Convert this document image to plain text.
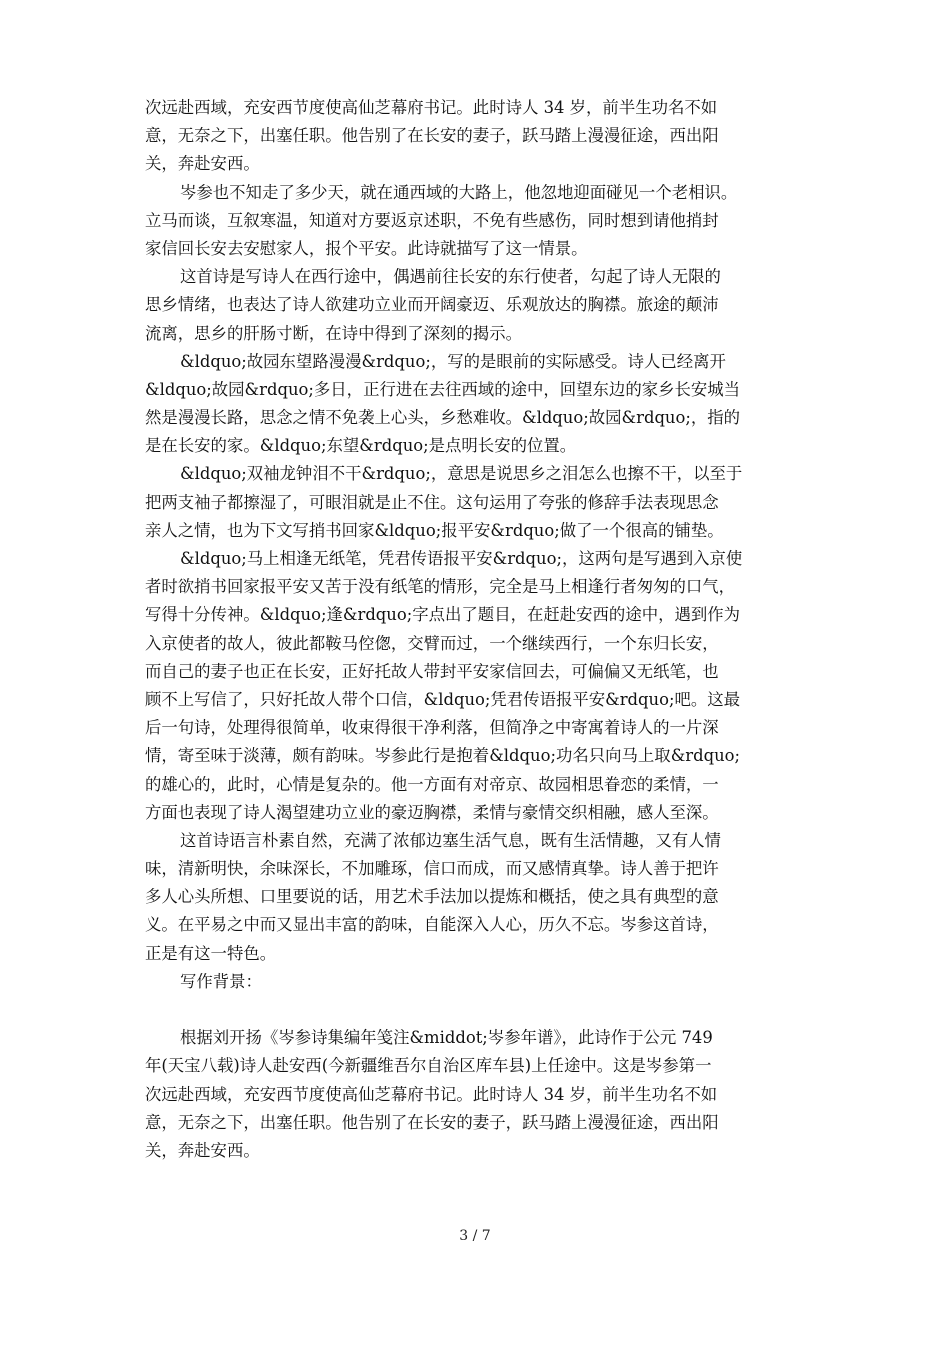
次远赴西域，充安西节度使高仙芝幕府书记。此时诗人 34 岁，前半生功名不如
意，无奈之下，出塞任职。他告别了在长安的妻子，跃马踏上漫漫征途，西出阳
关，奔赴安西。
岑参也不知走了多少天，就在通西域的大路上，他忽地迎面碰见一个老相识。
立马而谈，互叙寒温，知道对方要返京述职，不免有些感伤，同时想到请他捎封
家信回长安去安慰家人，报个平安。此诗就描写了这一情景。
这首诗是写诗人在西行途中，偶遇前往长安的东行使者，勾起了诗人无限的
思乡情绪，也表达了诗人欲建功立业而开阔豪迈、乐观放达的胸襟。旅途的颠沛
流离，思乡的肝肠寸断，在诗中得到了深刻的揭示。
&ldquo;故园东望路漫漫&rdquo;，写的是眼前的实际感受。诗人已经离开
&ldquo;故园&rdquo;多日，正行进在去往西域的途中，回望东边的家乡长安城当
然是漫漫长路，思念之情不免袭上心头，乡愁难收。&ldquo;故园&rdquo;，指的
是在长安的家。&ldquo;东望&rdquo;是点明长安的位置。
&ldquo;双袖龙钟泪不干&rdquo;，意思是说思乡之泪怎么也擦不干，以至于
把两支袖子都擦湿了，可眼泪就是止不住。这句运用了夸张的修辞手法表现思念
亲人之情，也为下文写捎书回家&ldquo;报平安&rdquo;做了一个很高的铺垫。
&ldquo;马上相逢无纸笔，凭君传语报平安&rdquo;，这两句是写遇到入京使
者时欲捎书回家报平安又苦于没有纸笔的情形，完全是马上相逢行者匆匆的口气，
写得十分传神。&ldquo;逢&rdquo;字点出了题目，在赶赴安西的途中，遇到作为
入京使者的故人，彼此都鞍马倥偬，交臂而过，一个继续西行，一个东归长安，
而自己的妻子也正在长安，正好托故人带封平安家信回去，可偏偏又无纸笔，也
顾不上写信了，只好托故人带个口信，&ldquo;凭君传语报平安&rdquo;吧。这最
后一句诗，处理得很简单，收束得很干净利落，但简净之中寄寓着诗人的一片深
情，寄至味于淡薄，颇有韵味。岑参此行是抱着&ldquo;功名只向马上取&rdquo;
的雄心的，此时，心情是复杂的。他一方面有对帝京、故园相思眷恋的柔情，一
方面也表现了诗人渴望建功立业的豪迈胸襟，柔情与豪情交织相融，感人至深。
这首诗语言朴素自然，充满了浓郁边塞生活气息，既有生活情趣，又有人情
味，清新明快，余味深长，不加雕琢，信口而成，而又感情真挚。诗人善于把许
多人心头所想、口里要说的话，用艺术手法加以提炼和概括，使之具有典型的意
义。在平易之中而又显出丰富的韵味，自能深入人心，历久不忘。岑参这首诗，
正是有这一特色。
写作背景：
根据刘开扬《岑参诗集编年笺注&middot;岑参年谱》，此诗作于公元 749
年(天宝八载)诗人赴安西(今新疆维吾尔自治区库车县)上任途中。这是岑参第一
次远赴西域，充安西节度使高仙芝幕府书记。此时诗人 34 岁，前半生功名不如
意，无奈之下，出塞任职。他告别了在长安的妻子，跃马踏上漫漫征途，西出阳
关，奔赴安西。
3 / 7
